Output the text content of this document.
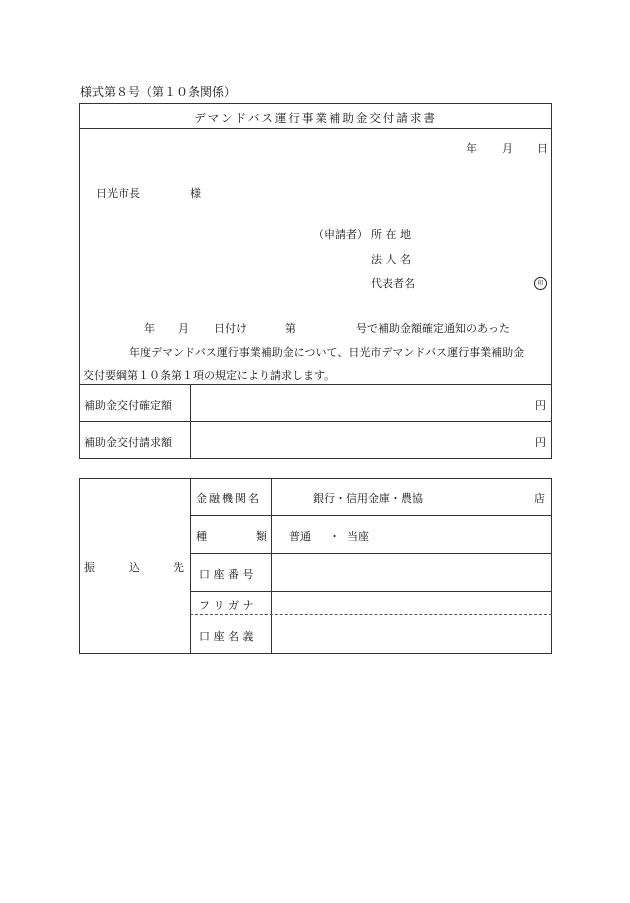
様式第８号（第１０条関係）
デマンドバス運行事業補助金交付請求書
年 月 日
日光市長	様
（申請者） 所 在 地
法 人 名
代表者名	印
年 月 日付け	第	号で補助金額確定通知のあった
年度デマンドバス運行事業補助金について、日光市デマンドバス運行事業補助金
交付要綱第１０条第１項の規定により請求します。
補助金交付確定額	円
補助金交付請求額	円
振	込	先
金融機関名	銀行・信用金庫・農協	店
種	類 普通 ・ 当座
口 座 番 号
フ リ ガ ナ
口 座 名 義
